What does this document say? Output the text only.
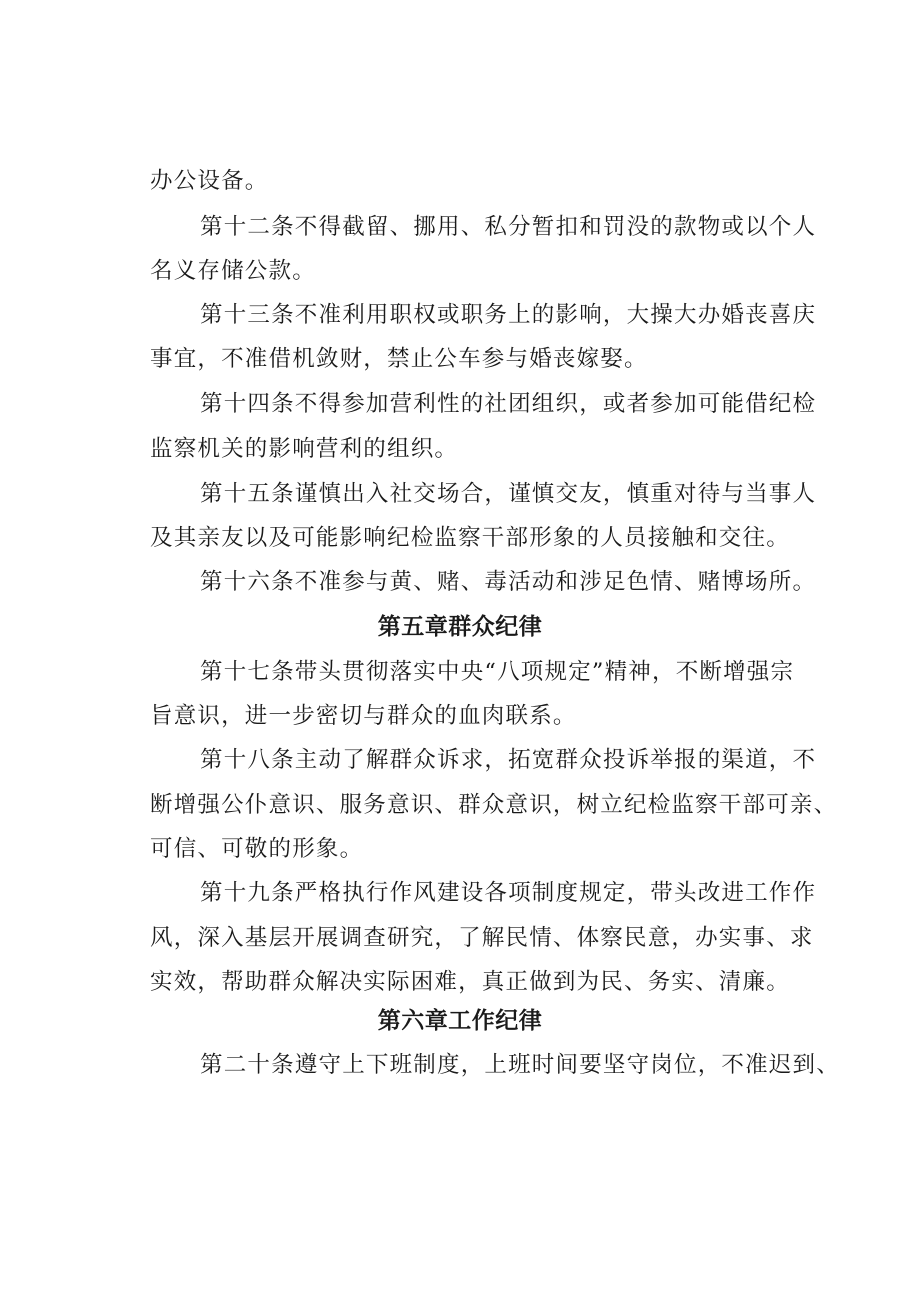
办公设备。
第十二条不得截留、挪用、私分暂扣和罚没的款物或以个人
名义存储公款。
第十三条不准利用职权或职务上的影响，大操大办婚丧喜庆
事宜，不准借机敛财，禁止公车参与婚丧嫁娶。
第十四条不得参加营利性的社团组织，或者参加可能借纪检
监察机关的影响营利的组织。
第十五条谨慎出入社交场合，谨慎交友，慎重对待与当事人
及其亲友以及可能影响纪检监察干部形象的人员接触和交往。
第十六条不准参与黄、赌、毒活动和涉足色情、赌博场所。
第五章群众纪律
第十七条带头贯彻落实中央“八项规定”精神，不断增强宗
旨意识，进一步密切与群众的血肉联系。
第十八条主动了解群众诉求，拓宽群众投诉举报的渠道，不
断增强公仆意识、服务意识、群众意识，树立纪检监察干部可亲、
可信、可敬的形象。
第十九条严格执行作风建设各项制度规定，带头改进工作作
风，深入基层开展调查研究，了解民情、体察民意，办实事、求
实效，帮助群众解决实际困难，真正做到为民、务实、清廉。
第六章工作纪律
第二十条遵守上下班制度，上班时间要坚守岗位，不准迟到、
